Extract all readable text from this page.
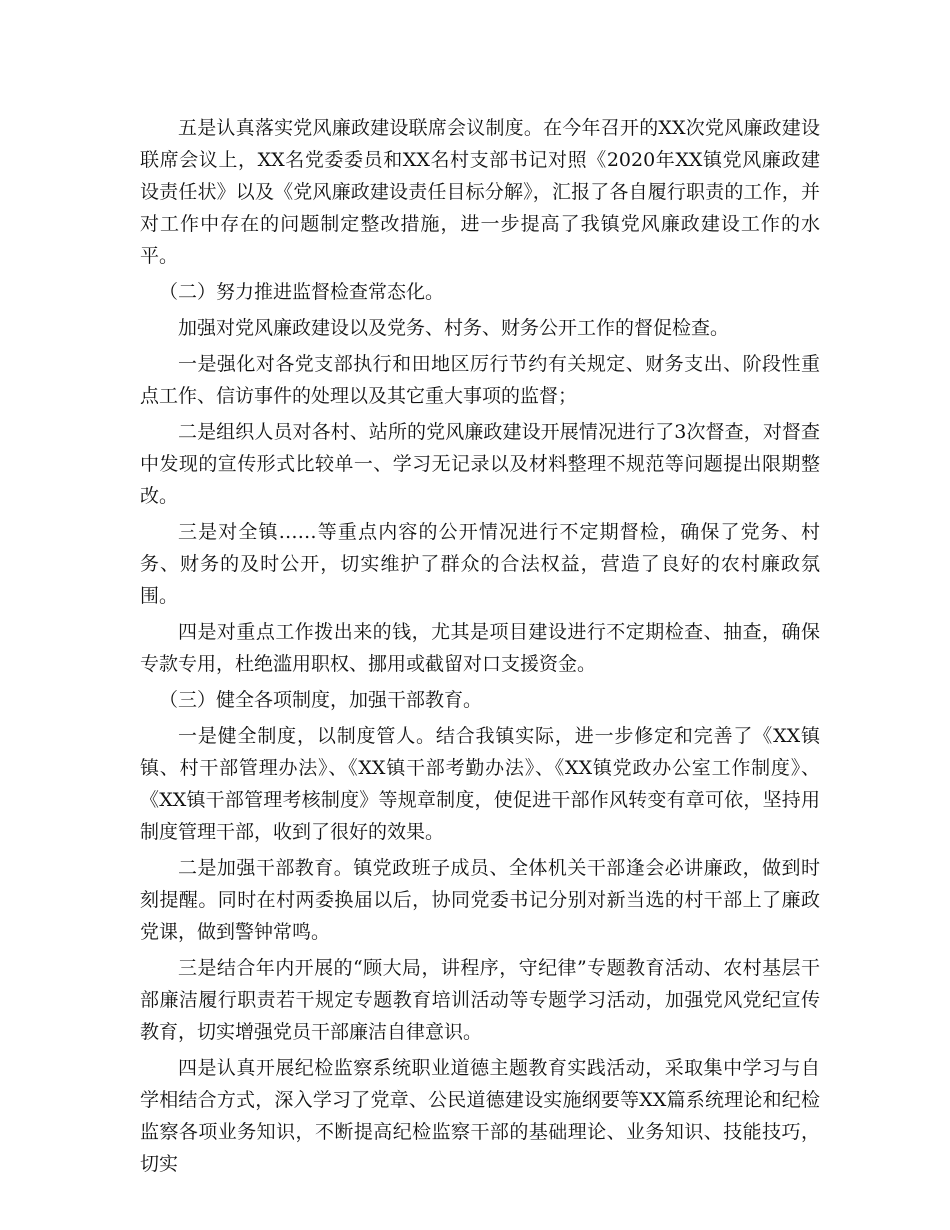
五是认真落实党风廉政建设联席会议制度。在今年召开的XX次党风廉政建设联席会议上，XX名党委委员和XX名村支部书记对照《2020年XX镇党风廉政建设责任状》以及《党风廉政建设责任目标分解》，汇报了各自履行职责的工作，并对工作中存在的问题制定整改措施，进一步提高了我镇党风廉政建设工作的水平。

（二）努力推进监督检查常态化。

加强对党风廉政建设以及党务、村务、财务公开工作的督促检查。

一是强化对各党支部执行和田地区厉行节约有关规定、财务支出、阶段性重点工作、信访事件的处理以及其它重大事项的监督；

二是组织人员对各村、站所的党风廉政建设开展情况进行了3次督查，对督查中发现的宣传形式比较单一、学习无记录以及材料整理不规范等问题提出限期整改。

三是对全镇……等重点内容的公开情况进行不定期督检，确保了党务、村务、财务的及时公开，切实维护了群众的合法权益，营造了良好的农村廉政氛围。

四是对重点工作拨出来的钱，尤其是项目建设进行不定期检查、抽查，确保专款专用，杜绝滥用职权、挪用或截留对口支援资金。

（三）健全各项制度，加强干部教育。

一是健全制度，以制度管人。结合我镇实际，进一步修定和完善了《XX镇镇、村干部管理办法》、《XX镇干部考勤办法》、《XX镇党政办公室工作制度》、《XX镇干部管理考核制度》等规章制度，使促进干部作风转变有章可依，坚持用制度管理干部，收到了很好的效果。

二是加强干部教育。镇党政班子成员、全体机关干部逢会必讲廉政，做到时刻提醒。同时在村两委换届以后，协同党委书记分别对新当选的村干部上了廉政党课，做到警钟常鸣。

三是结合年内开展的“顾大局，讲程序，守纪律”专题教育活动、农村基层干部廉洁履行职责若干规定专题教育培训活动等专题学习活动，加强党风党纪宣传教育，切实增强党员干部廉洁自律意识。

四是认真开展纪检监察系统职业道德主题教育实践活动，采取集中学习与自学相结合方式，深入学习了党章、公民道德建设实施纲要等XX篇系统理论和纪检监察各项业务知识，不断提高纪检监察干部的基础理论、业务知识、技能技巧，切实
